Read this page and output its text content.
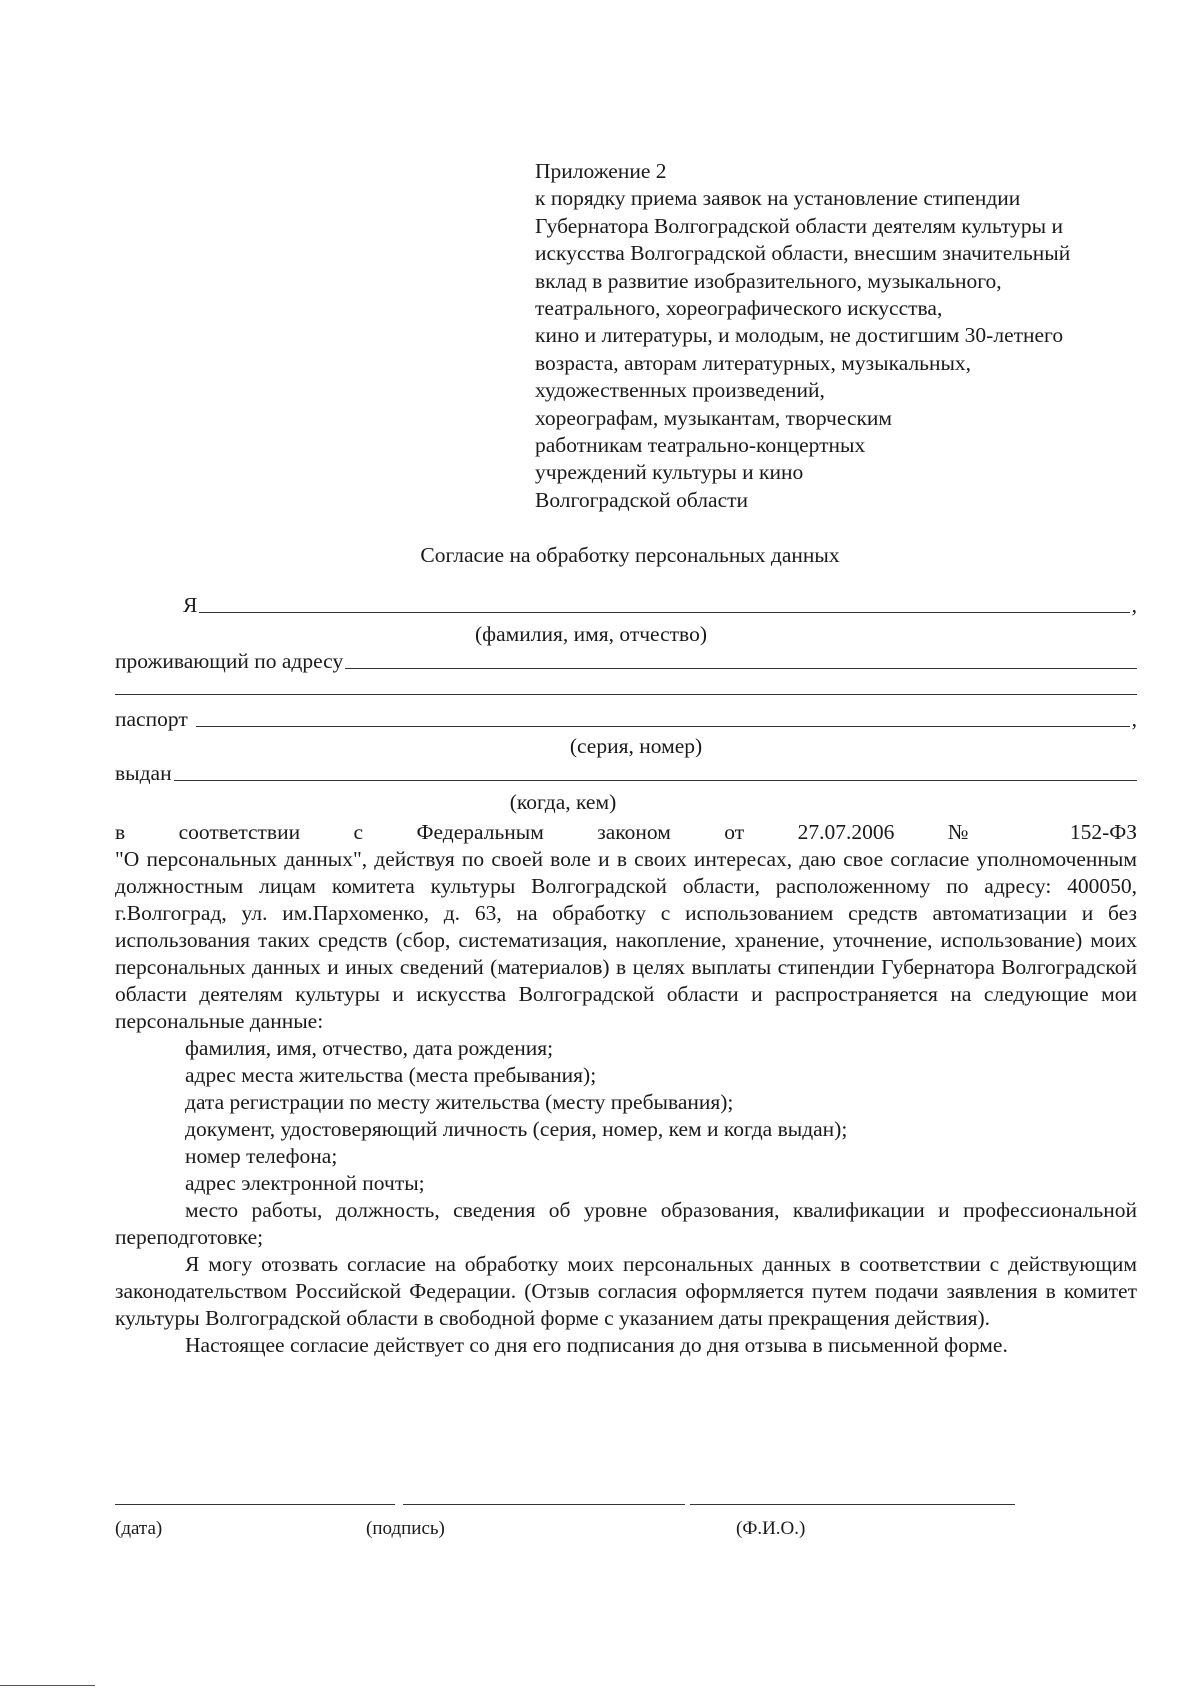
Приложение 2
к порядку приема заявок на установление стипендии
Губернатора Волгоградской области деятелям культуры и
искусства Волгоградской области, внесшим значительный
вклад в развитие изобразительного, музыкального,
театрального, хореографического искусства,
кино и литературы, и молодым, не достигшим 30-летнего
возраста, авторам литературных, музыкальных,
художественных произведений,
хореографам, музыкантам, творческим
работникам театрально-концертных
учреждений культуры и кино
Волгоградской области
Согласие на обработку персональных данных
Я	,
(фамилия, имя, отчество)
проживающий по адресу
паспорт	,
(серия, номер)
выдан
(когда, кем)

в соответствии с Федеральным законом от 27.07.2006 № 152-ФЗ

"О персональных данных", действуя по своей воле и в своих интересах, даю свое согласие уполномоченным должностным лицам комитета культуры Волгоградской области, расположенному по адресу: 400050, г.Волгоград, ул. им.Пархоменко, д. 63, на обработку с использованием средств автоматизации и без использования таких средств (сбор, систематизация, накопление, хранение, уточнение, использование) моих персональных данных и иных сведений (материалов) в целях выплаты стипендии Губернатора Волгоградской области деятелям культуры и искусства Волгоградской области и распространяется на следующие мои персональные данные:

фамилия, имя, отчество, дата рождения;

адрес места жительства (места пребывания);

дата регистрации по месту жительства (месту пребывания);

документ, удостоверяющий личность (серия, номер, кем и когда выдан);

номер телефона;

адрес электронной почты;

место работы, должность, сведения об уровне образования, квалификации и профессиональной переподготовке;

Я могу отозвать согласие на обработку моих персональных данных в соответствии с действующим законодательством Российской Федерации. (Отзыв согласия оформляется путем подачи заявления в комитет культуры Волгоградской области в свободной форме с указанием даты прекращения действия).

Настоящее согласие действует со дня его подписания до дня отзыва в письменной форме.

(дата)	(подпись)	(Ф.И.О.)
